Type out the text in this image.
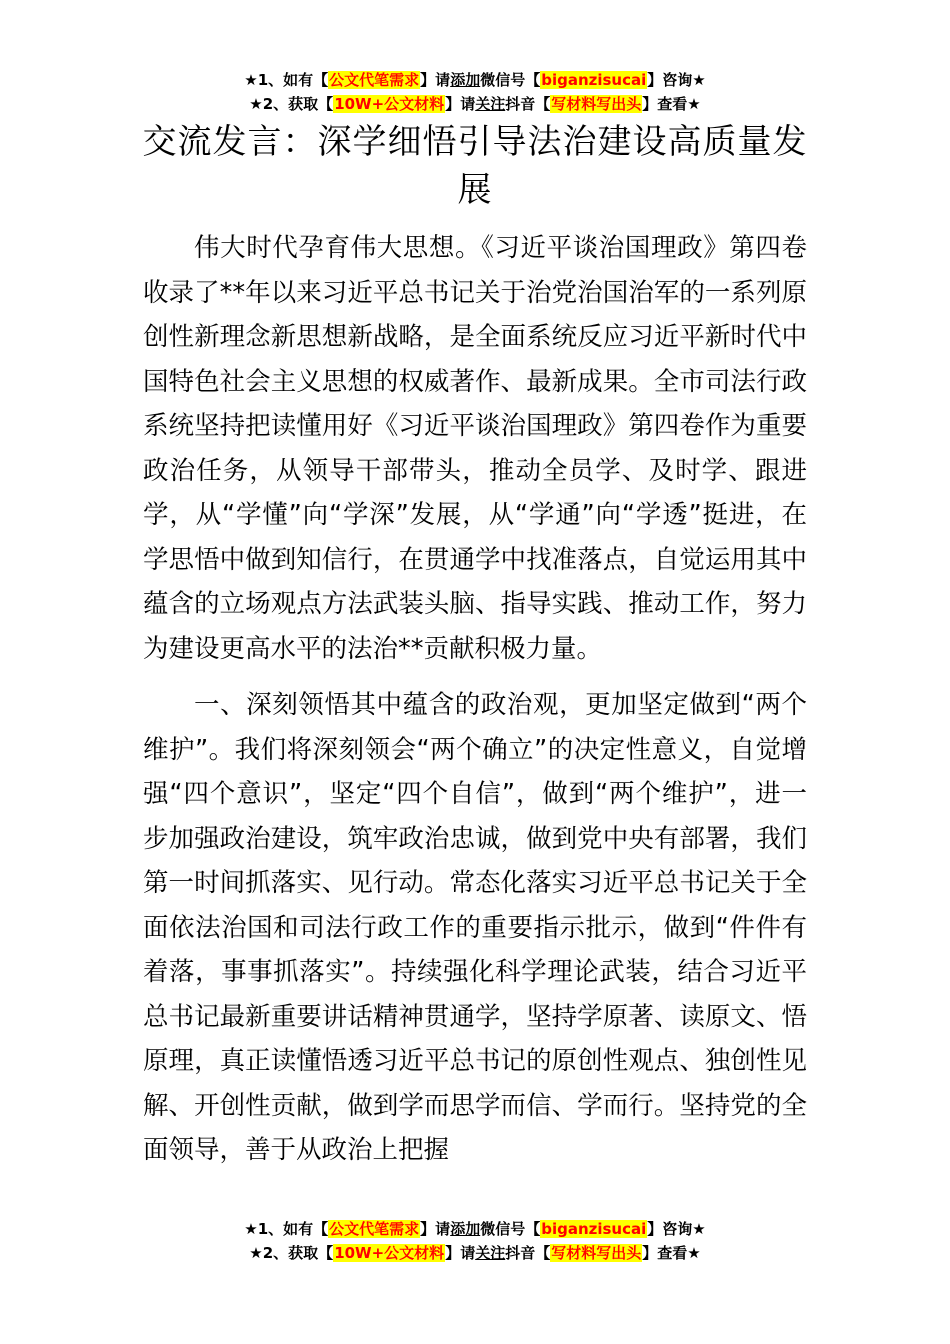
★1、如有【公文代笔需求】请添加微信号【biganzisucai】咨询★
★2、获取【10W+公文材料】请关注抖音【写材料写出头】查看★
交流发言：深学细悟引导法治建设高质量发展

伟大时代孕育伟大思想。《习近平谈治国理政》第四卷收录了**年以来习近平总书记关于治党治国治军的一系列原创性新理念新思想新战略，是全面系统反应习近平新时代中国特色社会主义思想的权威著作、最新成果。全市司法行政系统坚持把读懂用好《习近平谈治国理政》第四卷作为重要政治任务，从领导干部带头，推动全员学、及时学、跟进学，从“学懂”向“学深”发展，从“学通”向“学透”挺进，在学思悟中做到知信行，在贯通学中找准落点，自觉运用其中蕴含的立场观点方法武装头脑、指导实践、推动工作，努力为建设更高水平的法治**贡献积极力量。

一、深刻领悟其中蕴含的政治观，更加坚定做到“两个维护”。我们将深刻领会“两个确立”的决定性意义，自觉增强“四个意识”，坚定“四个自信”，做到“两个维护”，进一步加强政治建设，筑牢政治忠诚，做到党中央有部署，我们第一时间抓落实、见行动。常态化落实习近平总书记关于全面依法治国和司法行政工作的重要指示批示，做到“件件有着落，事事抓落实”。持续强化科学理论武装，结合习近平总书记最新重要讲话精神贯通学，坚持学原著、读原文、悟原理，真正读懂悟透习近平总书记的原创性观点、独创性见解、开创性贡献，做到学而思学而信、学而行。坚持党的全面领导，善于从政治上把握

★1、如有【公文代笔需求】请添加微信号【biganzisucai】咨询★
★2、获取【10W+公文材料】请关注抖音【写材料写出头】查看★
